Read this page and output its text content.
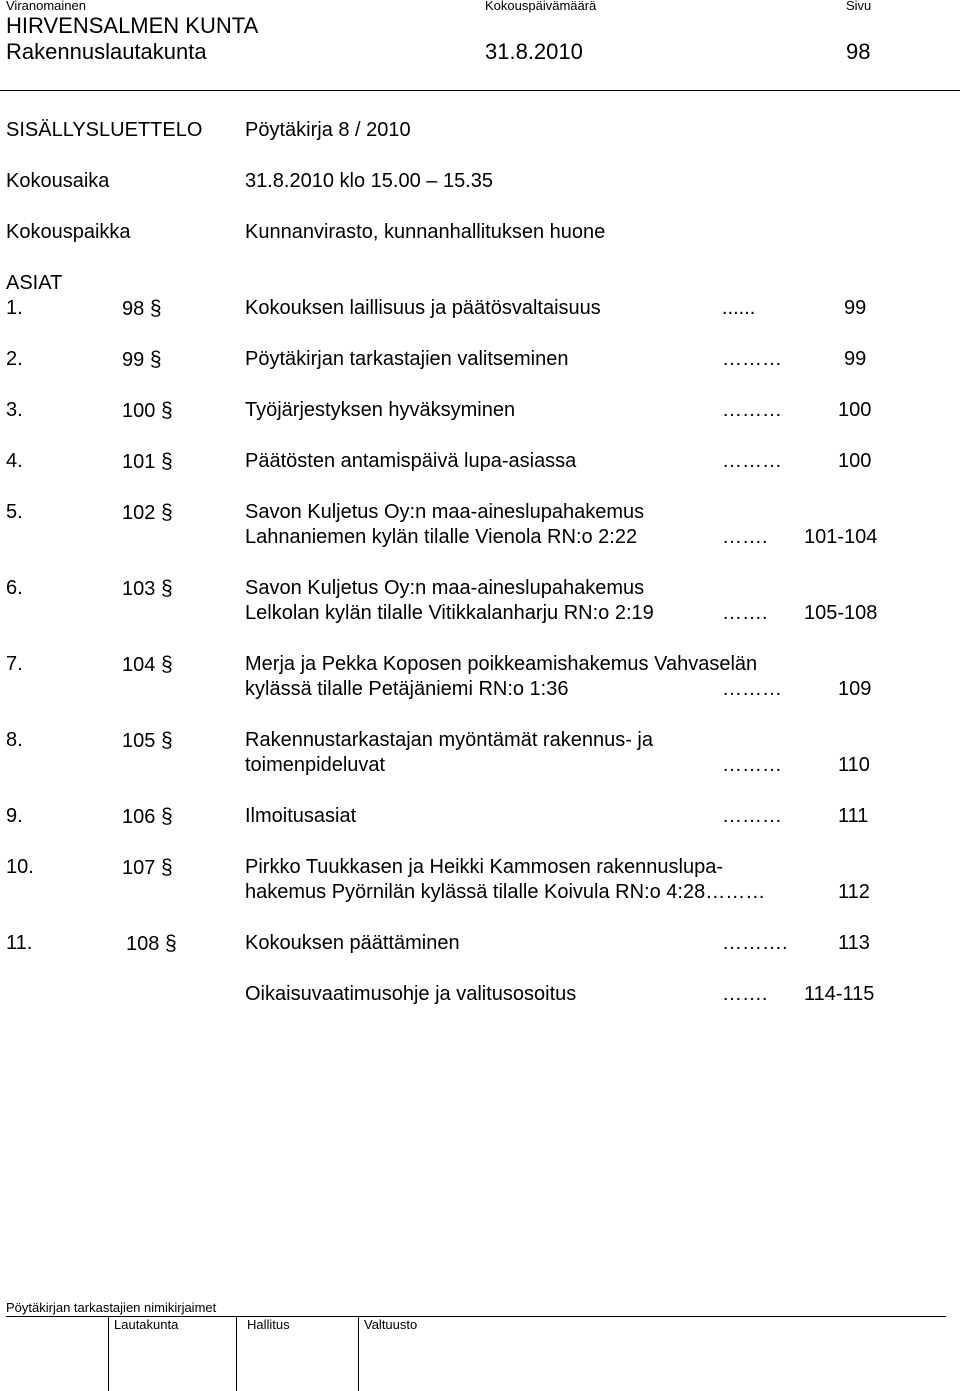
Viranomainen	Kokouspäivämäärä	Sivu
HIRVENSALMEN KUNTA
Rakennuslautakunta	31.8.2010	98
SISÄLLYSLUETTELO Pöytäkirja 8 / 2010
Kokousaika	31.8.2010 klo 15.00 – 15.35
Kokouspaikka	Kunnanvirasto, kunnanhallituksen huone
ASIAT
1.	98 §	Kokouksen laillisuus ja päätösvaltaisuus	......	99
2.	99 §	Pöytäkirjan tarkastajien valitseminen	………	99
3.	100 §	Työjärjestyksen hyväksyminen	………	100
4.	101 §	Päätösten antamispäivä lupa-asiassa	………	100
5.	102 §	Savon Kuljetus Oy:n maa-aineslupahakemus
Lahnaniemen kylän tilalle Vienola RN:o 2:22	……. 101-104
6.	103 §	Savon Kuljetus Oy:n maa-aineslupahakemus
Lelkolan kylän tilalle Vitikkalanharju RN:o 2:19	……. 105-108
7.	104 §	Merja ja Pekka Koposen poikkeamishakemus Vahvaselän
kylässä tilalle Petäjäniemi RN:o 1:36	………	109
8.	105 §	Rakennustarkastajan myöntämät rakennus- ja
toimenpideluvat	………	110
9.	106 §	Ilmoitusasiat	………	111
10.	107 §	Pirkko Tuukkasen ja Heikki Kammosen rakennuslupa-
hakemus Pyörnilän kylässä tilalle Koivula RN:o 4:28………	112
11.	108 §	Kokouksen päättäminen	……….	113
Oikaisuvaatimusohje ja valitusosoitus	……. 114-115
Pöytäkirjan tarkastajien nimikirjaimet
Lautakunta	Hallitus	Valtuusto
